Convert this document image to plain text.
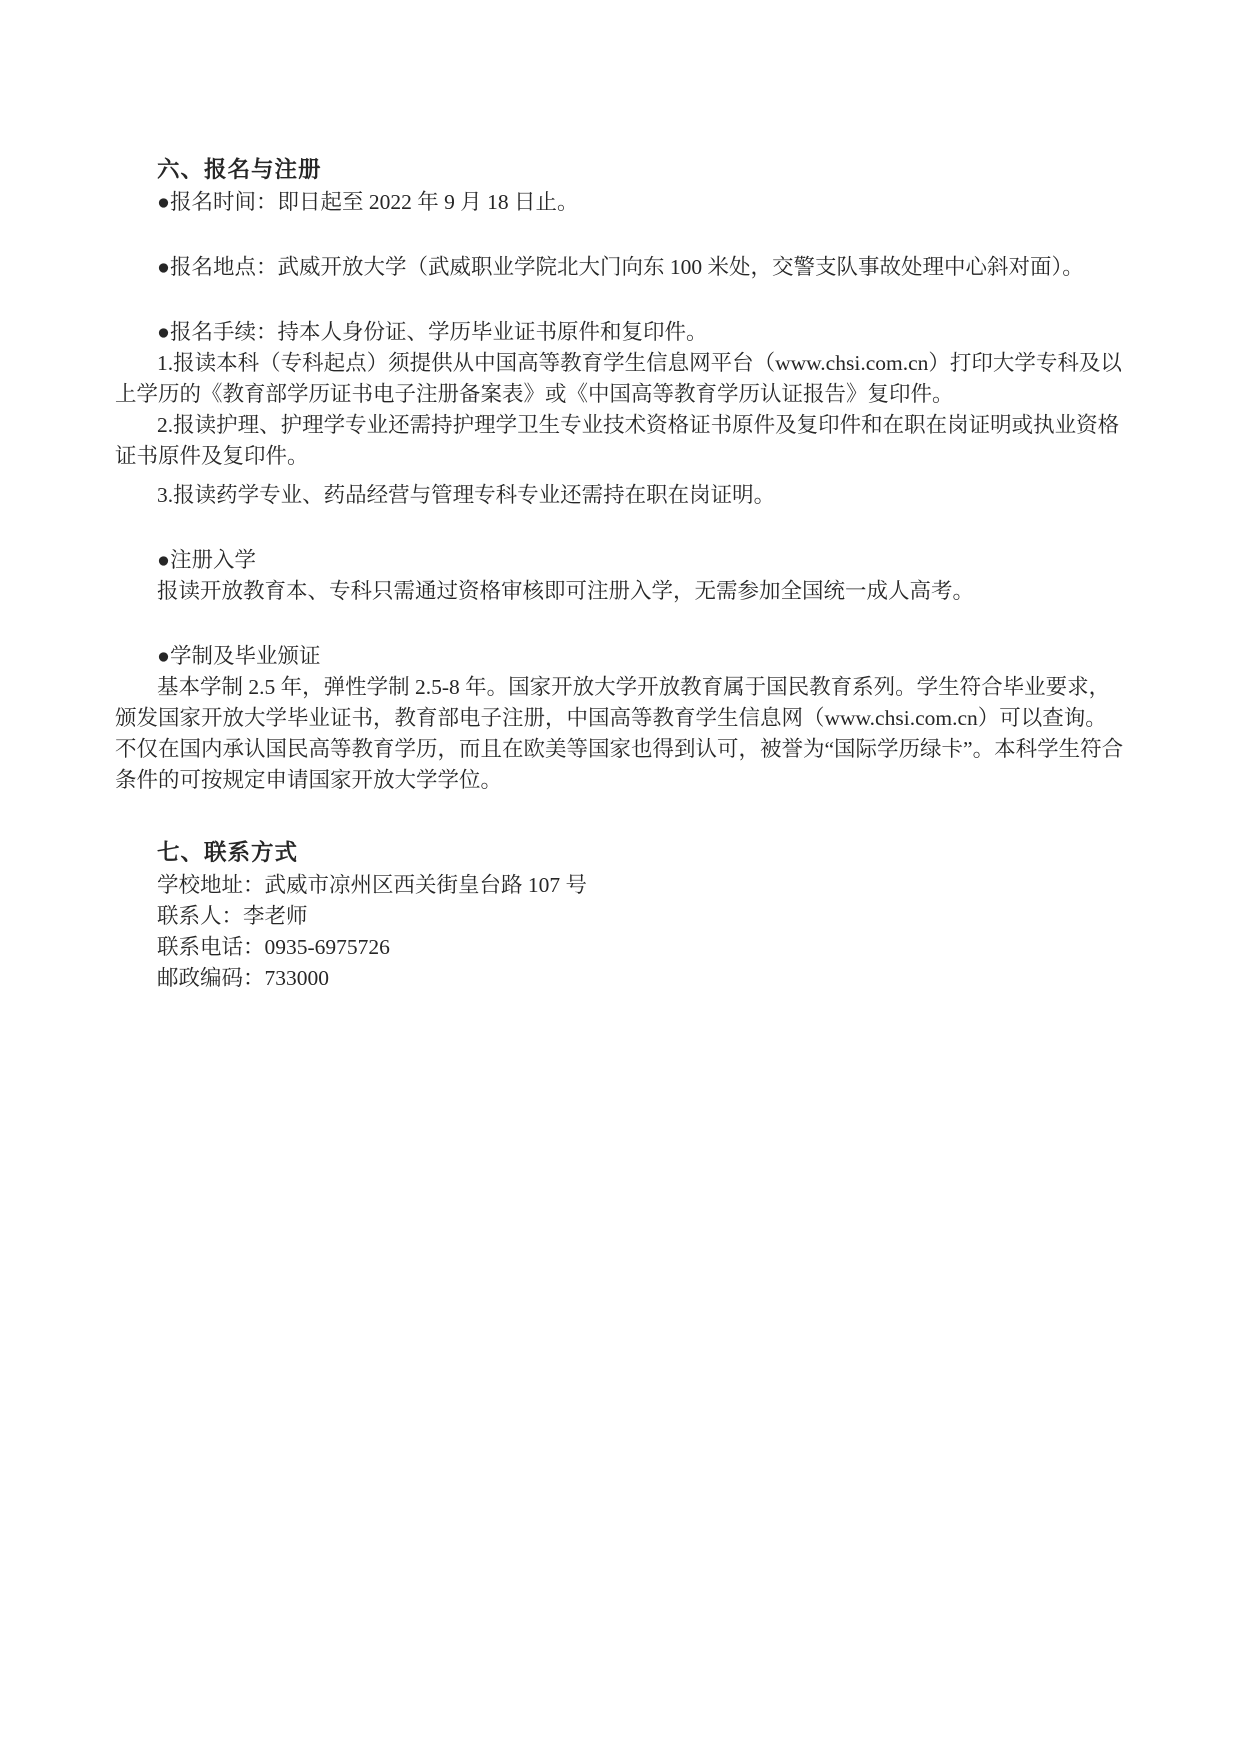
六、报名与注册
●报名时间：即日起至 2022 年 9 月 18 日止。
●报名地点：武威开放大学（武威职业学院北大门向东 100 米处，交警支队事故处理中心斜对面）。
●报名手续：持本人身份证、学历毕业证书原件和复印件。
1.报读本科（专科起点）须提供从中国高等教育学生信息网平台（www.chsi.com.cn）打印大学专科及以
上学历的《教育部学历证书电子注册备案表》或《中国高等教育学历认证报告》复印件。
2.报读护理、护理学专业还需持护理学卫生专业技术资格证书原件及复印件和在职在岗证明或执业资格
证书原件及复印件。
3.报读药学专业、药品经营与管理专科专业还需持在职在岗证明。
●注册入学
报读开放教育本、专科只需通过资格审核即可注册入学，无需参加全国统一成人高考。
●学制及毕业颁证
基本学制 2.5 年，弹性学制 2.5-8 年。国家开放大学开放教育属于国民教育系列。学生符合毕业要求，
颁发国家开放大学毕业证书，教育部电子注册，中国高等教育学生信息网（www.chsi.com.cn）可以查询。
不仅在国内承认国民高等教育学历，而且在欧美等国家也得到认可，被誉为“国际学历绿卡”。本科学生符合
条件的可按规定申请国家开放大学学位。
七、联系方式
学校地址：武威市凉州区西关街皇台路 107 号
联系人：李老师
联系电话：0935-6975726
邮政编码：733000
